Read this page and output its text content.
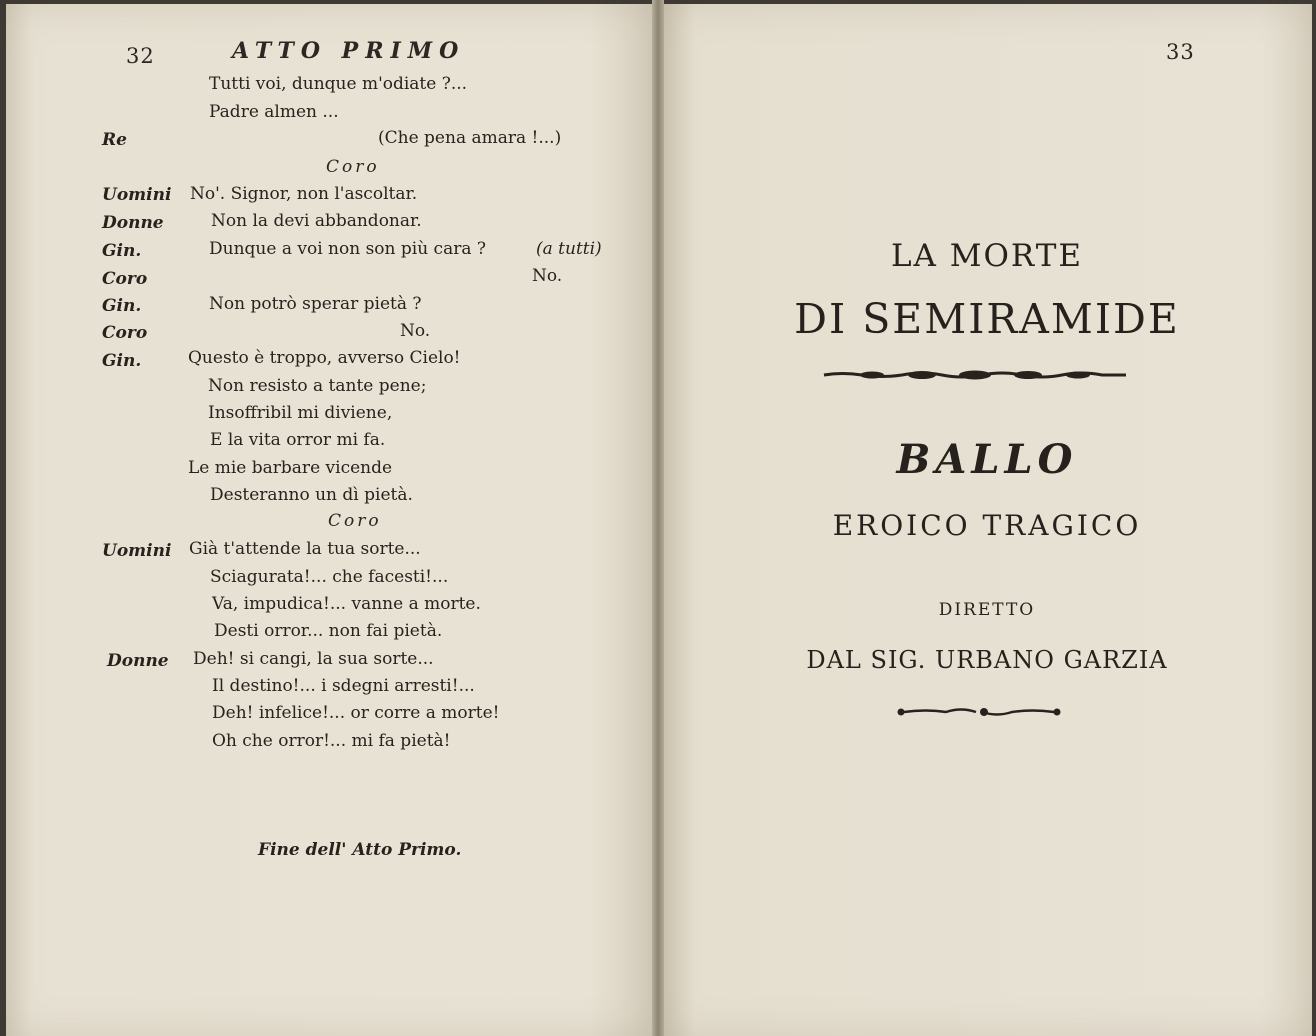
32	ATTO PRIMO
Tutti voi, dunque m'odiate ?...
Padre almen ...
Re	(Che pena amara !...)
Coro
Uomini No'. Signor, non l'ascoltar.
Donne	Non la devi abbandonar.
Gin.	Dunque a voi non son più cara ?	(a tutti)
Coro	No.
Gin.	Non potrò sperar pietà ?
Coro	No.
Gin.	Questo è troppo, avverso Cielo!
Non resisto a tante pene;
Insoffribil mi diviene,
E la vita orror mi fa.
Le mie barbare vicende
Desteranno un dì pietà.
Coro
Uomini Già t'attende la tua sorte...
Sciagurata!... che facesti!...
Va, impudica!... vanne a morte.
Desti orror... non fai pietà.
Donne Deh! si cangi, la sua sorte...
Il destino!... i sdegni arresti!...
Deh! infelice!... or corre a morte!
Oh che orror!... mi fa pietà!
Fine dell' Atto Primo.
33
LA MORTE
DI SEMIRAMIDE
BALLO
EROICO TRAGICO
DIRETTO
DAL SIG. URBANO GARZIA
